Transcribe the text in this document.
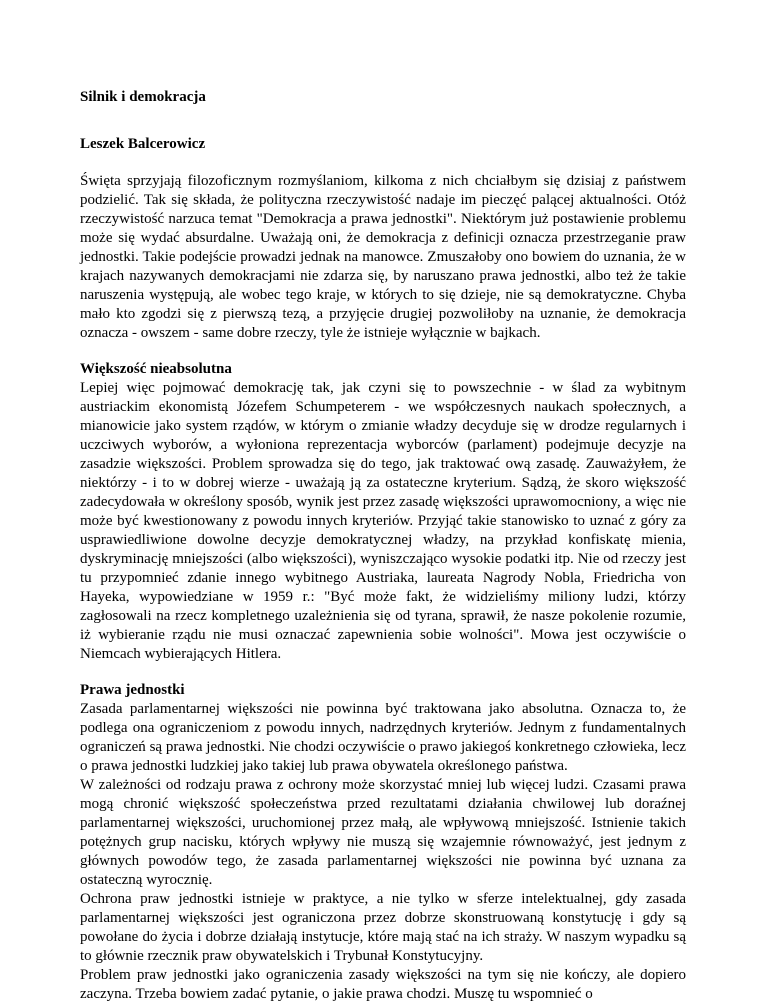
Silnik i demokracja

Leszek Balcerowicz

Święta sprzyjają filozoficznym rozmyślaniom, kilkoma z nich chciałbym się dzisiaj z państwem podzielić. Tak się składa, że polityczna rzeczywistość nadaje im pieczęć palącej aktualności. Otóż rzeczywistość narzuca temat "Demokracja a prawa jednostki". Niektórym już postawienie problemu może się wydać absurdalne. Uważają oni, że demokracja z definicji oznacza przestrzeganie praw jednostki. Takie podejście prowadzi jednak na manowce. Zmuszałoby ono bowiem do uznania, że w krajach nazywanych demokracjami nie zdarza się, by naruszano prawa jednostki, albo też że takie naruszenia występują, ale wobec tego kraje, w których to się dzieje, nie są demokratyczne. Chyba mało kto zgodzi się z pierwszą tezą, a przyjęcie drugiej pozwoliłoby na uznanie, że demokracja oznacza - owszem - same dobre rzeczy, tyle że istnieje wyłącznie w bajkach.

Większość nieabsolutna

Lepiej więc pojmować demokrację tak, jak czyni się to powszechnie - w ślad za wybitnym austriackim ekonomistą Józefem Schumpeterem - we współczesnych naukach społecznych, a mianowicie jako system rządów, w którym o zmianie władzy decyduje się w drodze regularnych i uczciwych wyborów, a wyłoniona reprezentacja wyborców (parlament) podejmuje decyzje na zasadzie większości. Problem sprowadza się do tego, jak traktować ową zasadę. Zauważyłem, że niektórzy - i to w dobrej wierze - uważają ją za ostateczne kryterium. Sądzą, że skoro większość zadecydowała w określony sposób, wynik jest przez zasadę większości uprawomocniony, a więc nie może być kwestionowany z powodu innych kryteriów. Przyjąć takie stanowisko to uznać z góry za usprawiedliwione dowolne decyzje demokratycznej władzy, na przykład konfiskatę mienia, dyskryminację mniejszości (albo większości), wyniszczająco wysokie podatki itp. Nie od rzeczy jest tu przypomnieć zdanie innego wybitnego Austriaka, laureata Nagrody Nobla, Friedricha von Hayeka, wypowiedziane w 1959 r.: "Być może fakt, że widzieliśmy miliony ludzi, którzy zagłosowali na rzecz kompletnego uzależnienia się od tyrana, sprawił, że nasze pokolenie rozumie, iż wybieranie rządu nie musi oznaczać zapewnienia sobie wolności". Mowa jest oczywiście o Niemcach wybierających Hitlera.

Prawa jednostki

Zasada parlamentarnej większości nie powinna być traktowana jako absolutna. Oznacza to, że podlega ona ograniczeniom z powodu innych, nadrzędnych kryteriów. Jednym z fundamentalnych ograniczeń są prawa jednostki. Nie chodzi oczywiście o prawo jakiegoś konkretnego człowieka, lecz o prawa jednostki ludzkiej jako takiej lub prawa obywatela określonego państwa.

W zależności od rodzaju prawa z ochrony może skorzystać mniej lub więcej ludzi. Czasami prawa mogą chronić większość społeczeństwa przed rezultatami działania chwilowej lub doraźnej parlamentarnej większości, uruchomionej przez małą, ale wpływową mniejszość. Istnienie takich potężnych grup nacisku, których wpływy nie muszą się wzajemnie równoważyć, jest jednym z głównych powodów tego, że zasada parlamentarnej większości nie powinna być uznana za ostateczną wyrocznię.

Ochrona praw jednostki istnieje w praktyce, a nie tylko w sferze intelektualnej, gdy zasada parlamentarnej większości jest ograniczona przez dobrze skonstruowaną konstytucję i gdy są powołane do życia i dobrze działają instytucje, które mają stać na ich straży. W naszym wypadku są to głównie rzecznik praw obywatelskich i Trybunał Konstytucyjny.

Problem praw jednostki jako ograniczenia zasady większości na tym się nie kończy, ale dopiero zaczyna. Trzeba bowiem zadać pytanie, o jakie prawa chodzi. Muszę tu wspomnieć o
